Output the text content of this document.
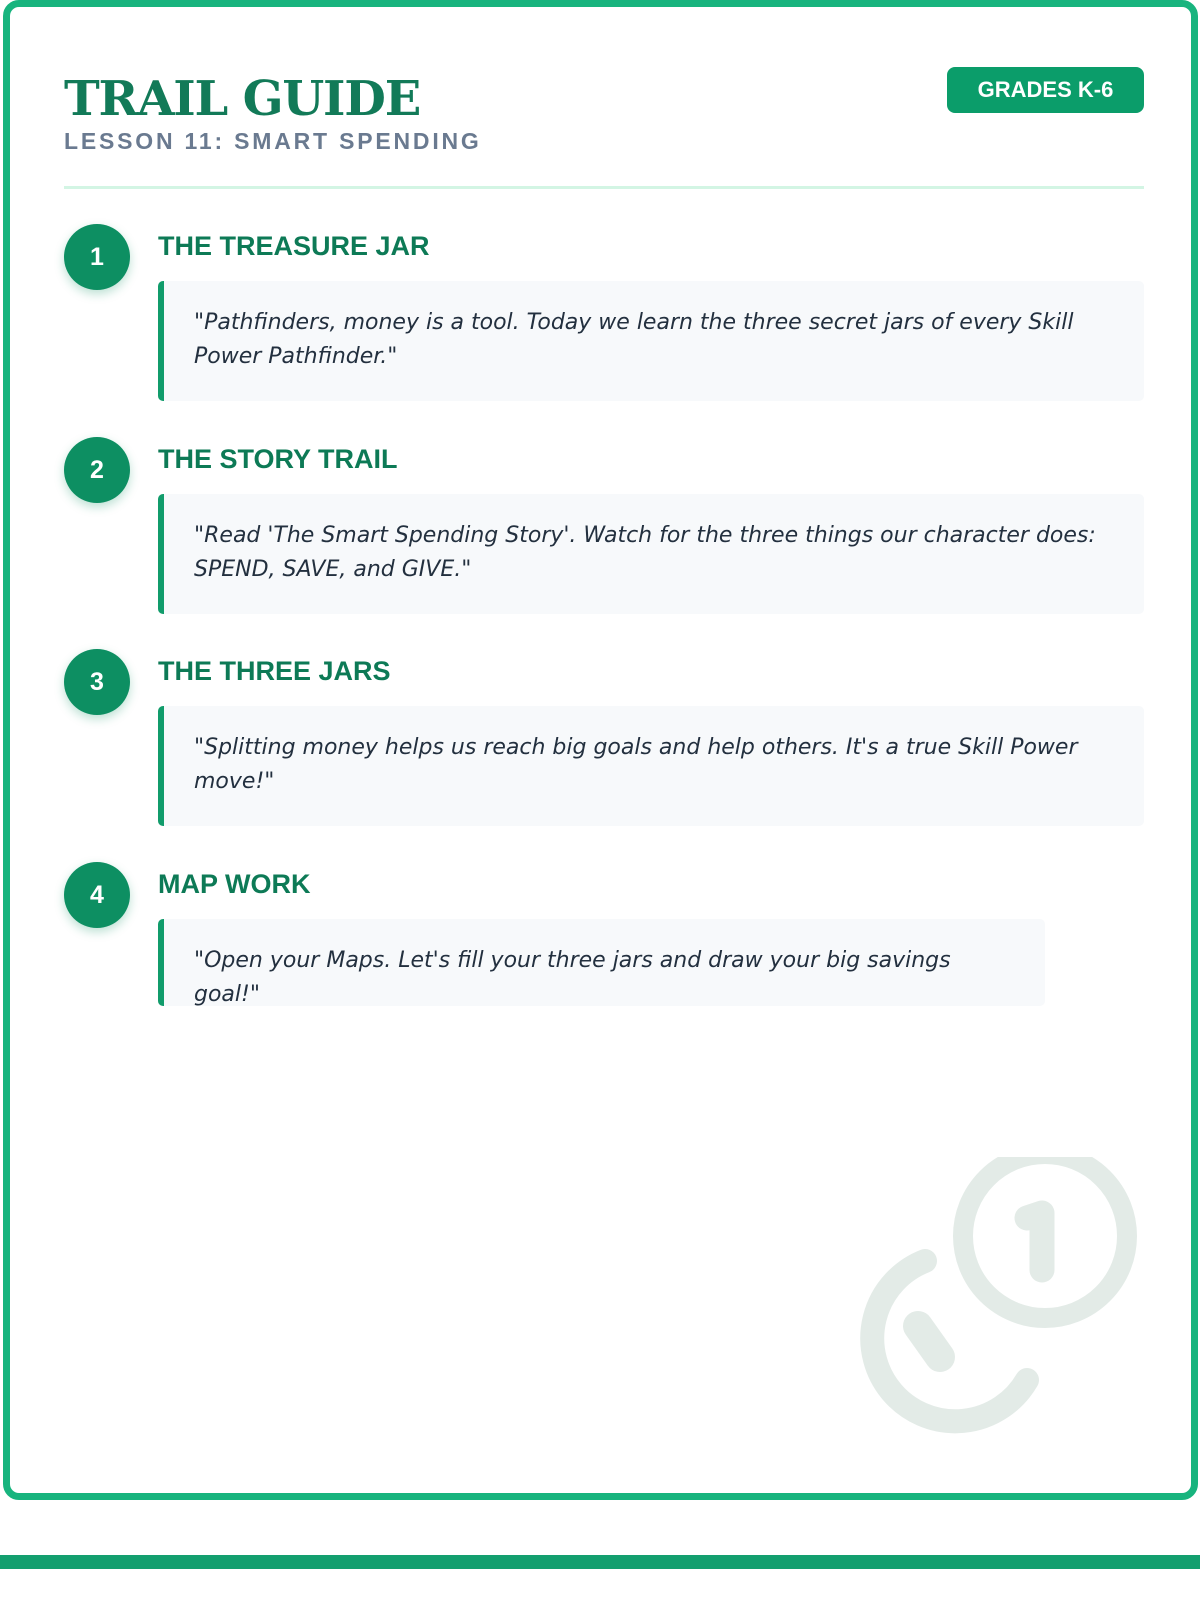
TRAIL GUIDE
LESSON 11: SMART SPENDING
GRADES K-6
1	THE TREASURE JAR
"Pathfinders, money is a tool. Today we learn the three secret jars of every Skill Power Pathfinder."
2	THE STORY TRAIL
"Read 'The Smart Spending Story'. Watch for the three things our character does: SPEND, SAVE, and GIVE."
3	THE THREE JARS
"Splitting money helps us reach big goals and help others. It's a true Skill Power move!"
4	MAP WORK
"Open your Maps. Let's fill your three jars and draw your big savings goal!"
